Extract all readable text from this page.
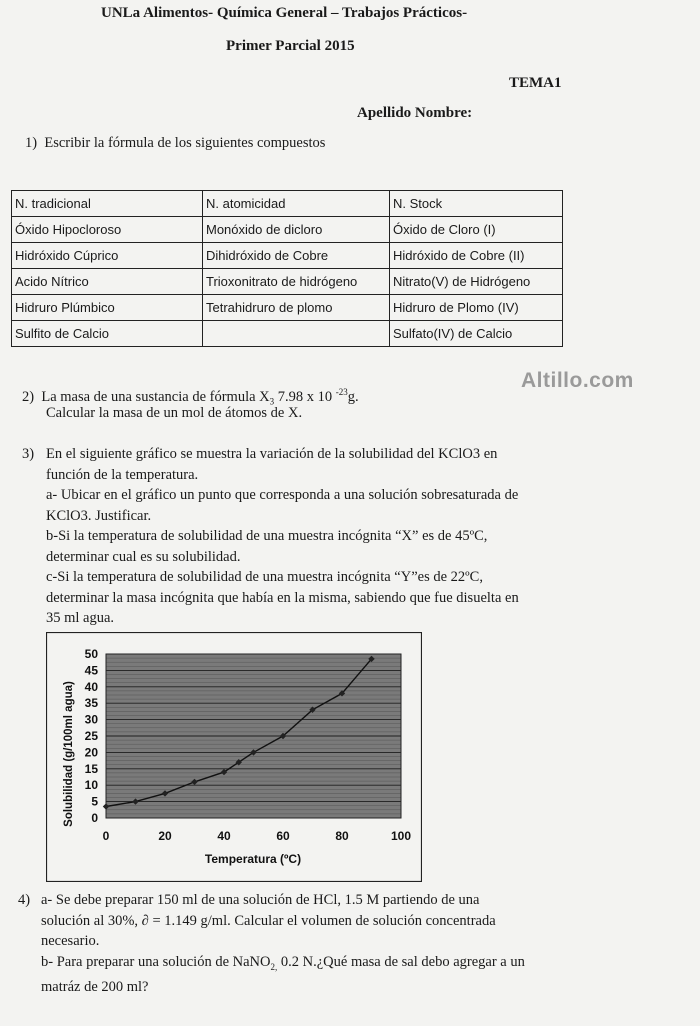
UNLa Alimentos- Química General – Trabajos Prácticos-
Primer Parcial 2015
TEMA1
Apellido Nombre:
1) Escribir la fórmula de los siguientes compuestos
N. tradicional	N. atomicidad	N. Stock
Óxido Hipocloroso	Monóxido de dicloro	Óxido de Cloro (I)
Hidróxido Cúprico	Dihidróxido de Cobre	Hidróxido de Cobre (II)
Acido Nítrico	Trioxonitrato de hidrógeno	Nitrato(V) de Hidrógeno
Hidruro Plúmbico	Tetrahidruro de plomo	Hidruro de Plomo (IV)
Sulfito de Calcio		Sulfato(IV) de Calcio
Altillo.com
2) La masa de una sustancia de fórmula $X_3$ 7.98 x 10 $^{-23}$g.
Calcular la masa de un mol de átomos de X.
3) En el siguiente gráfico se muestra la variación de la solubilidad del KClO3 en
función de la temperatura.
a- Ubicar en el gráfico un punto que corresponda a una solución sobresaturada de
KClO3. Justificar.
b-Si la temperatura de solubilidad de una muestra incógnita “X” es de 45ºC,
determinar cual es su solubilidad.
c-Si la temperatura de solubilidad de una muestra incógnita “Y”es de 22ºC,
determinar la masa incógnita que había en la misma, sabiendo que fue disuelta en
35 ml agua.
0
5
10
15
20
25
30
35
40
45
50
0	20	40	60	80	100
Temperatura (ºC)
Solubilidad (g/100ml agua)
4) a- Se debe preparar 150 ml de una solución de HCl, 1.5 M partiendo de una
solución al 30%, ∂ = 1.149 g/ml. Calcular el volumen de solución concentrada
necesario.
b- Para preparar una solución de NaNO$_{2,}$ 0.2 N.¿Qué masa de sal debo agregar a un
matráz de 200 ml?
